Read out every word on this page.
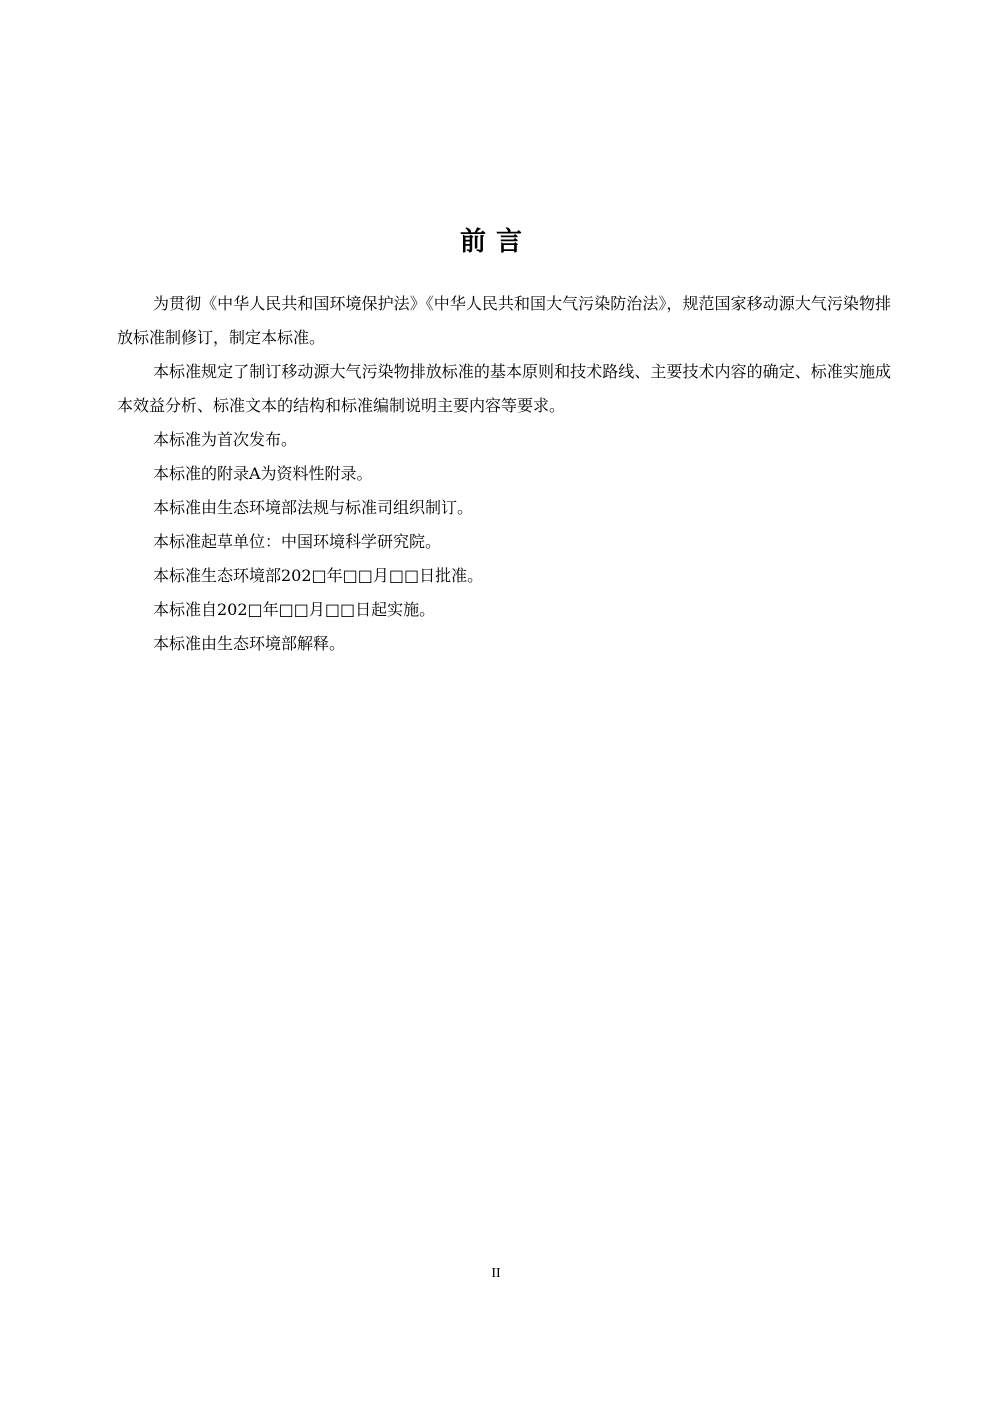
前言

为贯彻《中华人民共和国环境保护法》《中华人民共和国大气污染防治法》，规范国家移动源大气污染物排放标准制修订，制定本标准。

本标准规定了制订移动源大气污染物排放标准的基本原则和技术路线、主要技术内容的确定、标准实施成本效益分析、标准文本的结构和标准编制说明主要内容等要求。

本标准为首次发布。

本标准的附录A为资料性附录。

本标准由生态环境部法规与标准司组织制订。

本标准起草单位：中国环境科学研究院。

本标准生态环境部202□年□□月□□日批准。

本标准自202□年□□月□□日起实施。

本标准由生态环境部解释。

II
